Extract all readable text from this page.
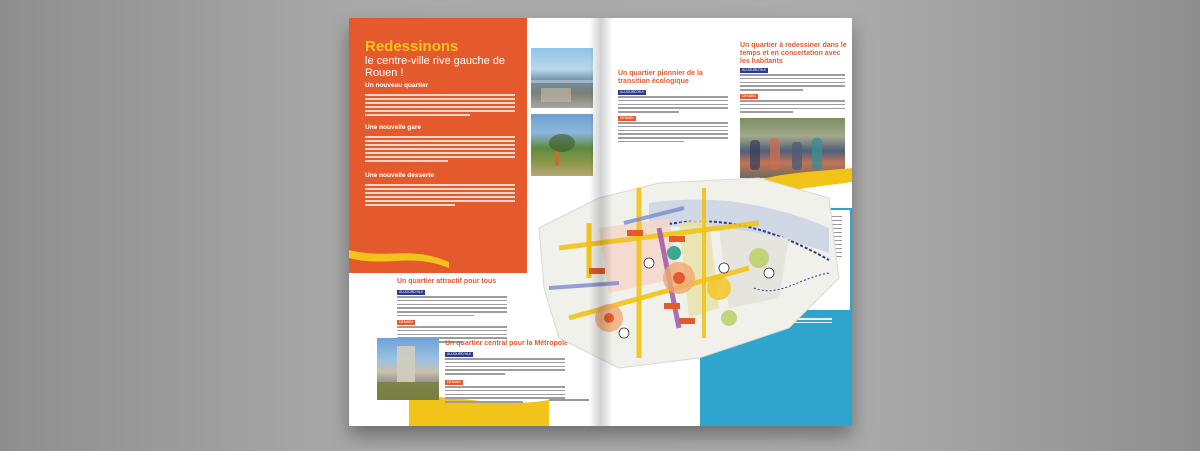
Redessinons

le centre-ville rive gauche de Rouen !

Un nouveau quartier

Une nouvelle gare

Une nouvelle desserte

Un quartier attractif pour tous

AUJOURD'HUI
DEMAIN

Un quartier central pour la Métropole

AUJOURD'HUI
DEMAIN

Un quartier pionnier de la transition écologique

AUJOURD'HUI
DEMAIN

Un quartier à redessiner dans le temps et en concertation avec les habitants

AUJOURD'HUI
DEMAIN
